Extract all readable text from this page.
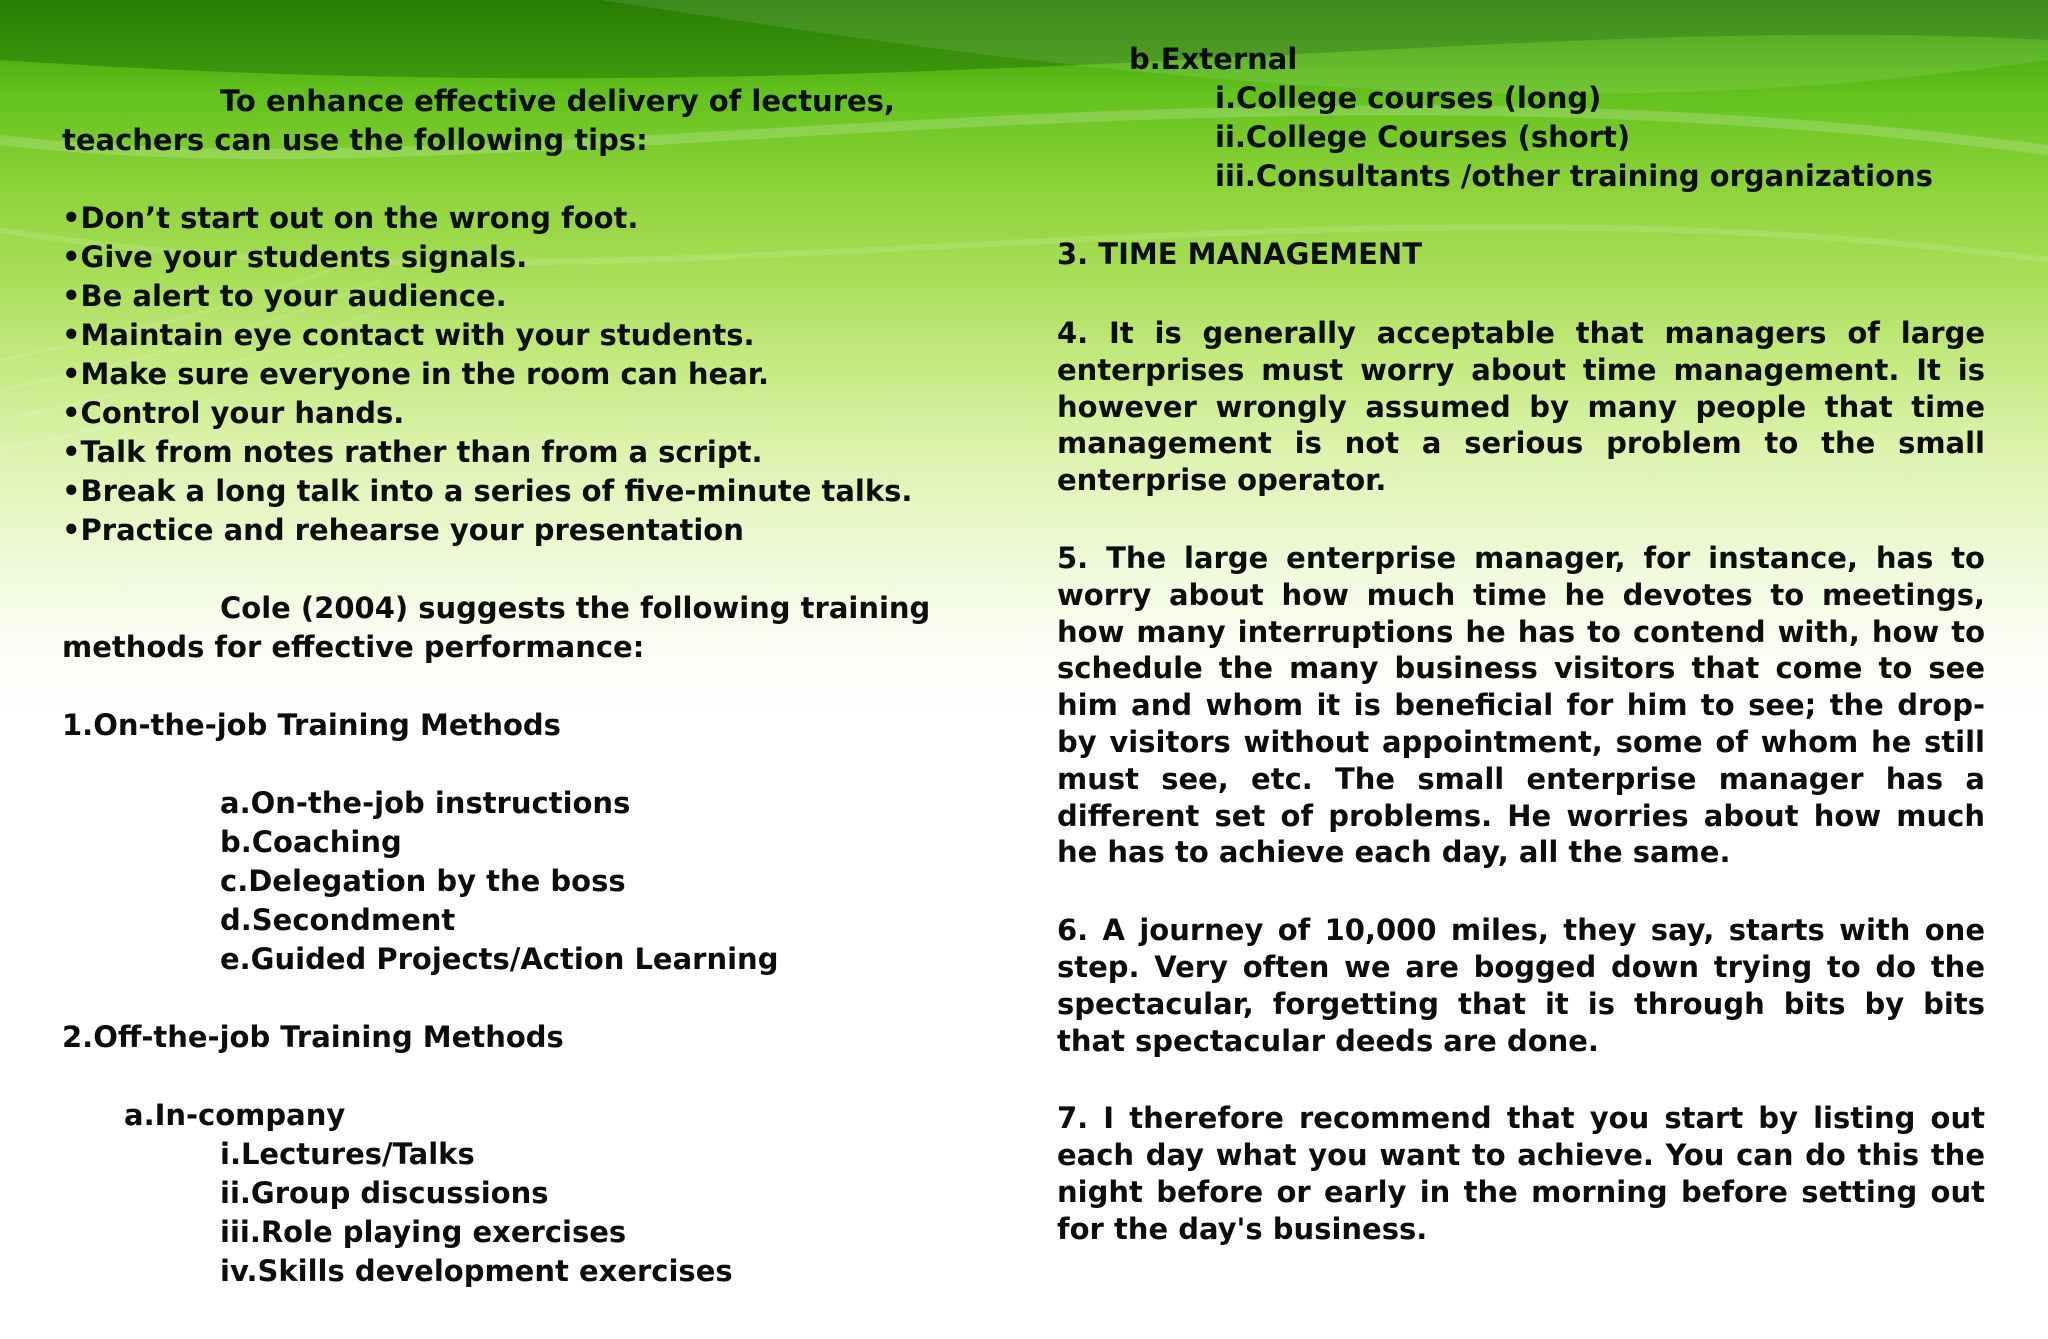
To enhance effective delivery of lectures,
teachers can use the following tips:
•Don’t start out on the wrong foot.
•Give your students signals.
•Be alert to your audience.
•Maintain eye contact with your students.
•Make sure everyone in the room can hear.
•Control your hands.
•Talk from notes rather than from a script.
•Break a long talk into a series of five-minute talks.
•Practice and rehearse your presentation
Cole (2004) suggests the following training
methods for effective performance:
1.On-the-job Training Methods
a.On-the-job instructions
b.Coaching
c.Delegation by the boss
d.Secondment
e.Guided Projects/Action Learning
2.Off-the-job Training Methods
a.In-company
i.Lectures/Talks
ii.Group discussions
iii.Role playing exercises
iv.Skills development exercises
b.External
i.College courses (long)
ii.College Courses (short)
iii.Consultants /other training organizations
3. TIME MANAGEMENT
4. It is generally acceptable that managers of large enterprises must worry about time management. It is however wrongly assumed by many people that time management is not a serious problem to the small enterprise operator.
5. The large enterprise manager, for instance, has to worry about how much time he devotes to meetings, how many interruptions he has to contend with, how to schedule the many business visitors that come to see him and whom it is beneficial for him to see; the drop-by visitors without appointment, some of whom he still must see, etc. The small enterprise manager has a different set of problems. He worries about how much he has to achieve each day, all the same.
6. A journey of 10,000 miles, they say, starts with one step. Very often we are bogged down trying to do the spectacular, forgetting that it is through bits by bits that spectacular deeds are done.
7. I therefore recommend that you start by listing out each day what you want to achieve. You can do this the night before or early in the morning before setting out for the day's business.
